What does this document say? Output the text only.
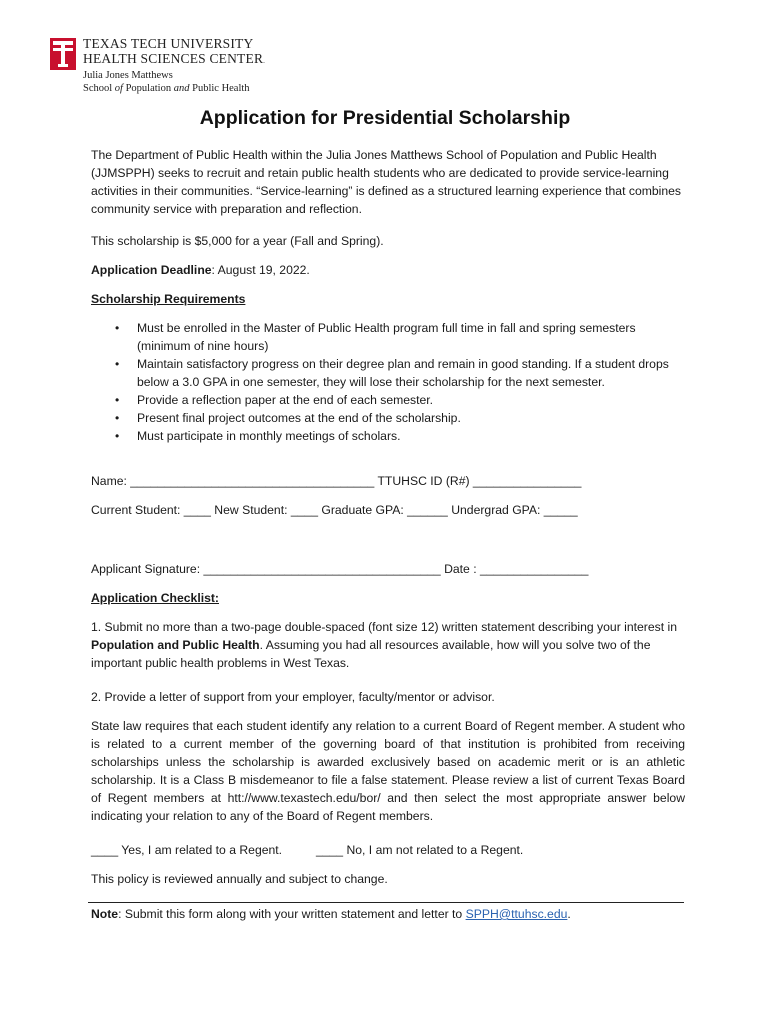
TEXAS TECH UNIVERSITY
HEALTH SCIENCES CENTER.
Julia Jones Matthews
School of Population and Public Health
Application for Presidential Scholarship
The Department of Public Health within the Julia Jones Matthews School of Population and Public Health (JJMSPPH) seeks to recruit and retain public health students who are dedicated to provide service-learning activities in their communities. “Service-learning” is defined as a structured learning experience that combines community service with preparation and reflection.
This scholarship is $5,000 for a year (Fall and Spring).
Application Deadline: August 19, 2022.
Scholarship Requirements
• Must be enrolled in the Master of Public Health program full time in fall and spring semesters (minimum of nine hours)
• Maintain satisfactory progress on their degree plan and remain in good standing. If a student drops below a 3.0 GPA in one semester, they will lose their scholarship for the next semester.
• Provide a reflection paper at the end of each semester.
• Present final project outcomes at the end of the scholarship.
• Must participate in monthly meetings of scholars.
Name: ____________________________________ TTUHSC ID (R#) ________________
Current Student: ____ New Student: ____ Graduate GPA: ______ Undergrad GPA: _____
Applicant Signature: ___________________________________ Date : ________________
Application Checklist:
1. Submit no more than a two-page double-spaced (font size 12) written statement describing your interest in Population and Public Health. Assuming you had all resources available, how will you solve two of the important public health problems in West Texas.
2. Provide a letter of support from your employer, faculty/mentor or advisor.
State law requires that each student identify any relation to a current Board of Regent member. A student who is related to a current member of the governing board of that institution is prohibited from receiving scholarships unless the scholarship is awarded exclusively based on academic merit or is an athletic scholarship. It is a Class B misdemeanor to file a false statement. Please review a list of current Texas Board of Regent members at htt://www.texastech.edu/bor/ and then select the most appropriate answer below indicating your relation to any of the Board of Regent members.
____ Yes, I am related to a Regent.	____ No, I am not related to a Regent.
This policy is reviewed annually and subject to change.
Note: Submit this form along with your written statement and letter to SPPH@ttuhsc.edu.
